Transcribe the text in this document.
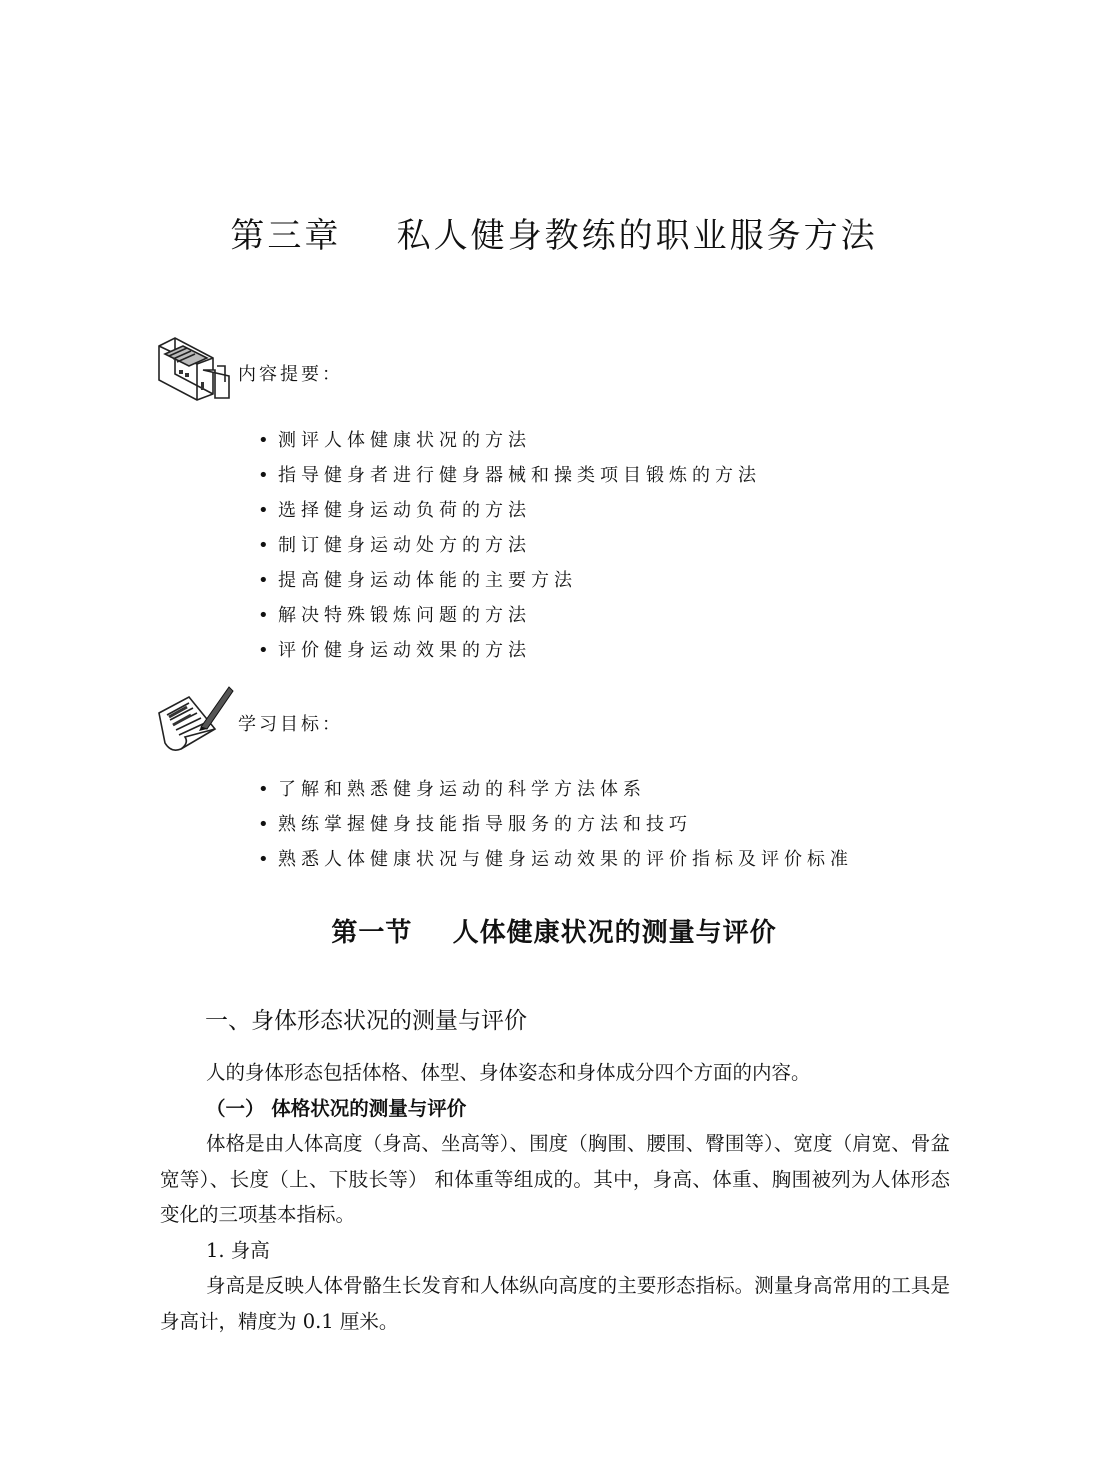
第三章    私人健身教练的职业服务方法
内容提要：
• 测评人体健康状况的方法
• 指导健身者进行健身器械和操类项目锻炼的方法
• 选择健身运动负荷的方法
• 制订健身运动处方的方法
• 提高健身运动体能的主要方法
• 解决特殊锻炼问题的方法
• 评价健身运动效果的方法
学习目标：
• 了解和熟悉健身运动的科学方法体系
• 熟练掌握健身技能指导服务的方法和技巧
• 熟悉人体健康状况与健身运动效果的评价指标及评价标准
第一节    人体健康状况的测量与评价
一、身体形态状况的测量与评价

人的身体形态包括体格、体型、身体姿态和身体成分四个方面的内容。

（一） 体格状况的测量与评价

体格是由人体高度（身高、坐高等）、围度（胸围、腰围、臀围等）、宽度（肩宽、骨盆宽等）、长度（上、下肢长等） 和体重等组成的。其中，身高、体重、胸围被列为人体形态变化的三项基本指标。

1. 身高

身高是反映人体骨骼生长发育和人体纵向高度的主要形态指标。测量身高常用的工具是身高计，精度为 0.1 厘米。
